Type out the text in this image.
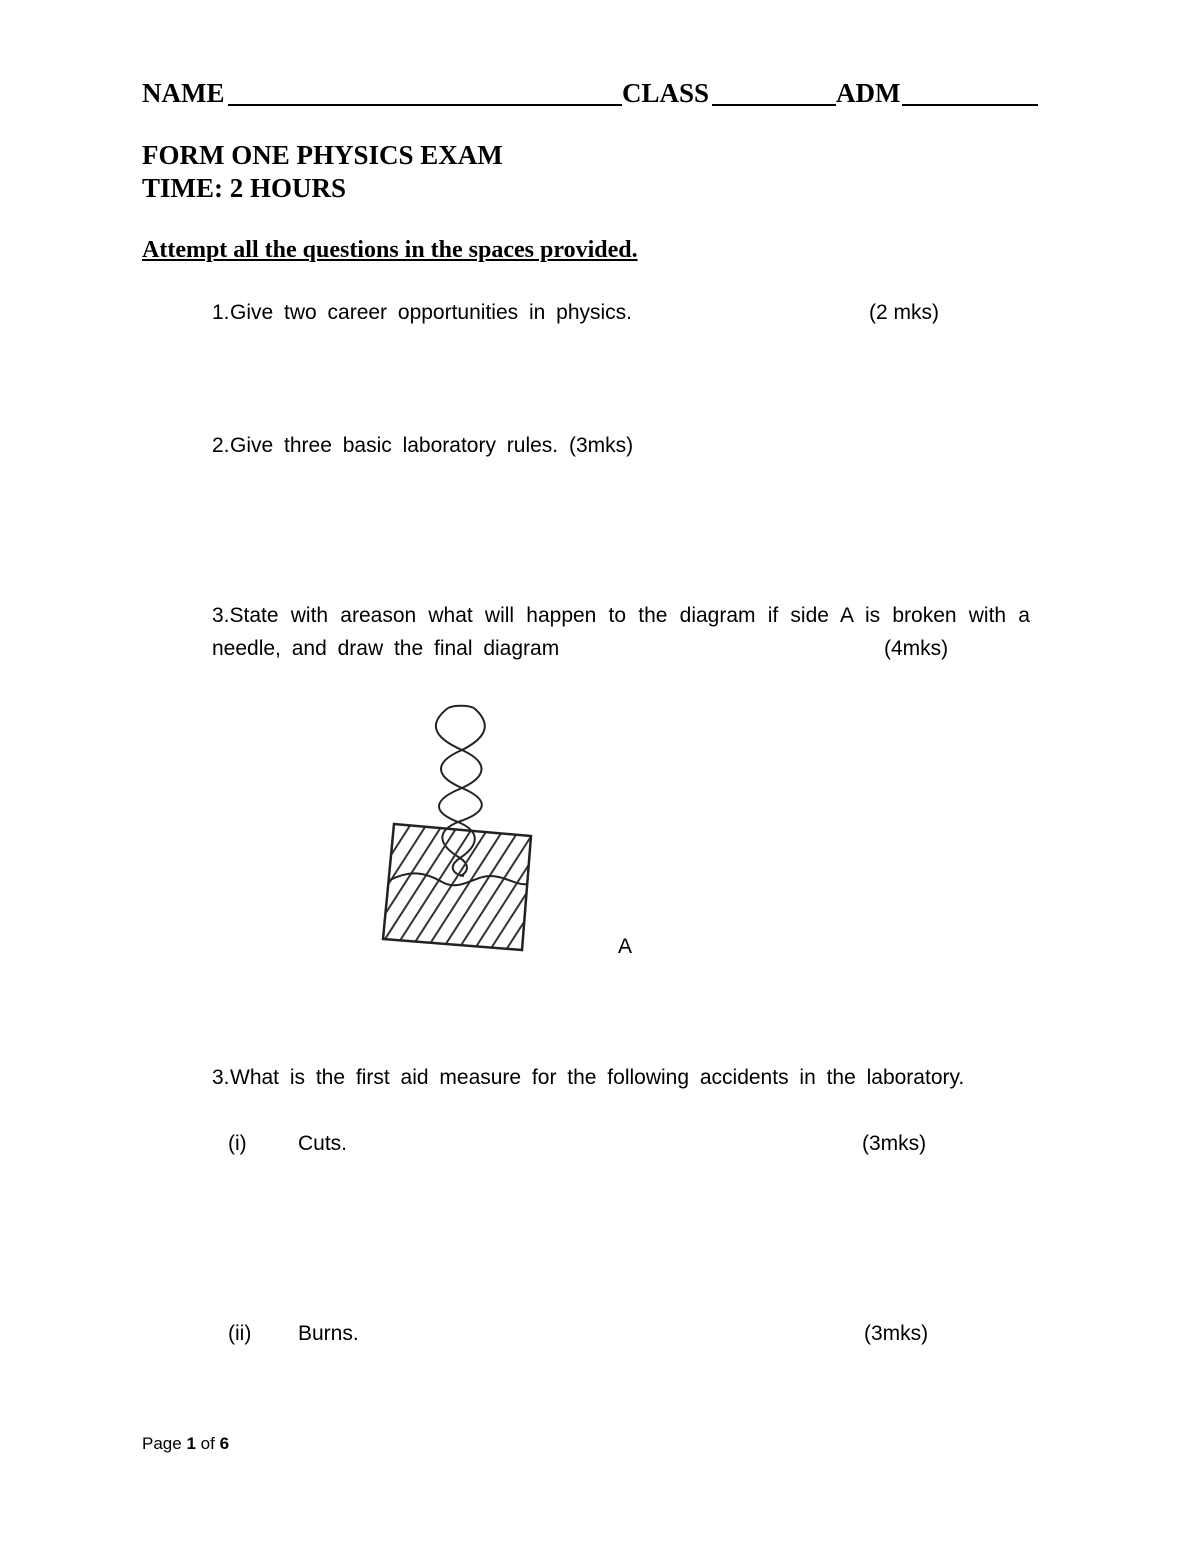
NAME	CLASS	ADM
FORM ONE PHYSICS EXAM
TIME: 2 HOURS
Attempt all the questions in the spaces provided.
1. Give two career opportunities in physics.	(2 mks)
2. Give three basic laboratory rules. (3mks)
3.State with areason what will happen to the diagram if side A is broken with a
needle, and draw the final diagram	(4mks)
A
3. What is the first aid measure for the following accidents in the laboratory.
(i) Cuts.	(3mks)
(ii) Burns.	(3mks)
Page 1 of 6
